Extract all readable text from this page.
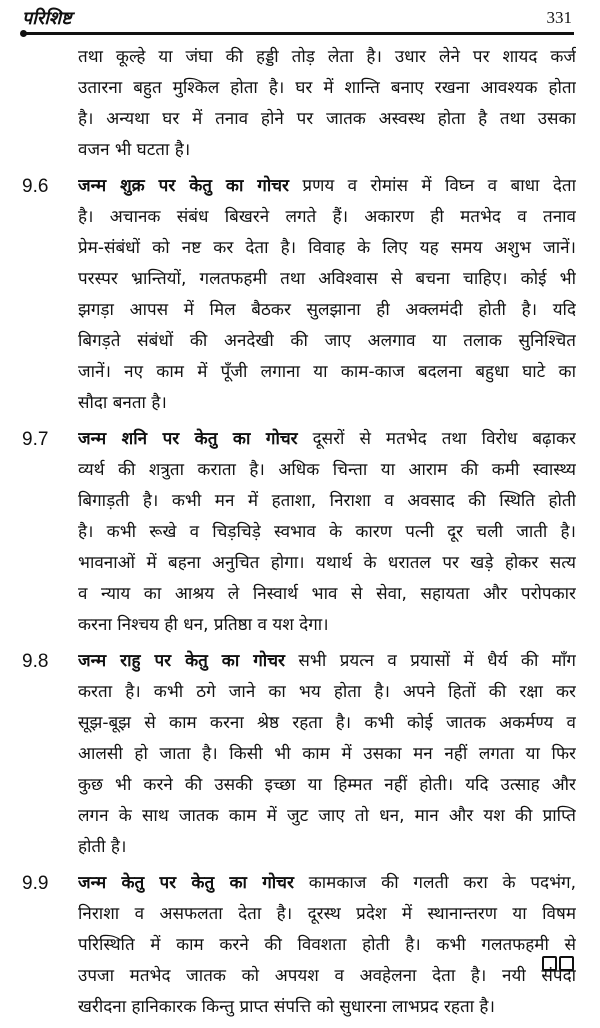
परिशिष्ट	331
तथा कूल्हे या जंघा की हड्डी तोड़ लेता है। उधार लेने पर शायद कर्ज
उतारना बहुत मुश्किल होता है। घर में शान्ति बनाए रखना आवश्यक होता
है। अन्यथा घर में तनाव होने पर जातक अस्वस्थ होता है तथा उसका
वजन भी घटता है।
9.6 जन्म शुक्र पर केतु का गोचर प्रणय व रोमांस में विघ्न व बाधा देता
है। अचानक संबंध बिखरने लगते हैं। अकारण ही मतभेद व तनाव
प्रेम-संबंधों को नष्ट कर देता है। विवाह के लिए यह समय अशुभ जानें।
परस्पर भ्रान्तियों, गलतफहमी तथा अविश्वास से बचना चाहिए। कोई भी
झगड़ा आपस में मिल बैठकर सुलझाना ही अक्लमंदी होती है। यदि
बिगड़ते संबंधों की अनदेखी की जाए अलगाव या तलाक सुनिश्चित
जानें। नए काम में पूँजी लगाना या काम-काज बदलना बहुधा घाटे का
सौदा बनता है।
9.7 जन्म शनि पर केतु का गोचर दूसरों से मतभेद तथा विरोध बढ़ाकर
व्यर्थ की शत्रुता कराता है। अधिक चिन्ता या आराम की कमी स्वास्थ्य
बिगाड़ती है। कभी मन में हताशा, निराशा व अवसाद की स्थिति होती
है। कभी रूखे व चिड़चिड़े स्वभाव के कारण पत्नी दूर चली जाती है।
भावनाओं में बहना अनुचित होगा। यथार्थ के धरातल पर खड़े होकर सत्य
व न्याय का आश्रय ले निस्वार्थ भाव से सेवा, सहायता और परोपकार
करना निश्चय ही धन, प्रतिष्ठा व यश देगा।
9.8 जन्म राहु पर केतु का गोचर सभी प्रयत्न व प्रयासों में धैर्य की माँग
करता है। कभी ठगे जाने का भय होता है। अपने हितों की रक्षा कर
सूझ-बूझ से काम करना श्रेष्ठ रहता है। कभी कोई जातक अकर्मण्य व
आलसी हो जाता है। किसी भी काम में उसका मन नहीं लगता या फिर
कुछ भी करने की उसकी इच्छा या हिम्मत नहीं होती। यदि उत्साह और
लगन के साथ जातक काम में जुट जाए तो धन, मान और यश की प्राप्ति
होती है।
9.9 जन्म केतु पर केतु का गोचर कामकाज की गलती करा के पदभंग,
निराशा व असफलता देता है। दूरस्थ प्रदेश में स्थानान्तरण या विषम
परिस्थिति में काम करने की विवशता होती है। कभी गलतफहमी से
उपजा मतभेद जातक को अपयश व अवहेलना देता है। नयी संपदा
खरीदना हानिकारक किन्तु प्राप्त संपत्ति को सुधारना लाभप्रद रहता है।
